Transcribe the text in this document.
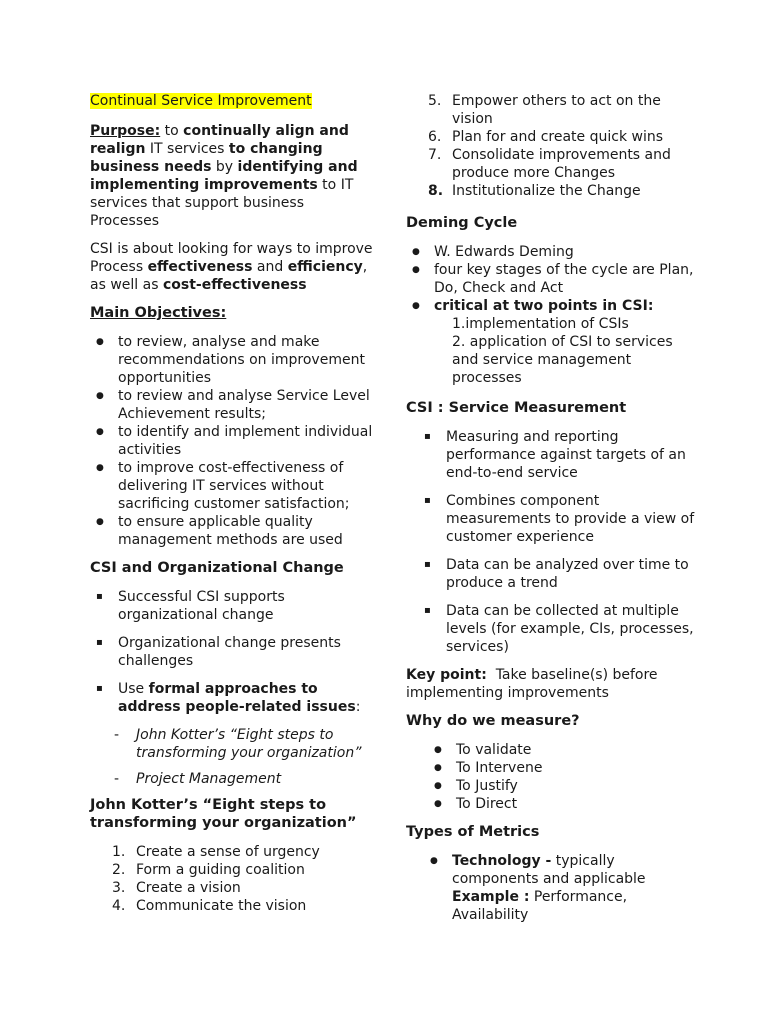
Continual Service Improvement

Purpose: to continually align and realign IT services to changing business needs by identifying and implementing improvements to IT services that support business Processes

CSI is about looking for ways to improve Process effectiveness and efficiency, as well as cost-effectiveness

Main Objectives:

● to review, analyse and make recommendations on improvement opportunities
● to review and analyse Service Level Achievement results;
● to identify and implement individual activities
● to improve cost-effectiveness of delivering IT services without sacrificing customer satisfaction;
● to ensure applicable quality management methods are used

CSI and Organizational Change

▪ Successful CSI supports organizational change
▪ Organizational change presents challenges
▪ Use formal approaches to address people-related issues:
- John Kotter’s “Eight steps to transforming your organization”
- Project Management

John Kotter’s “Eight steps to transforming your organization”

1. Create a sense of urgency
2. Form a guiding coalition
3. Create a vision
4. Communicate the vision
5. Empower others to act on the vision
6. Plan for and create quick wins
7. Consolidate improvements and produce more Changes
8. Institutionalize the Change

Deming Cycle

● W. Edwards Deming
● four key stages of the cycle are Plan, Do, Check and Act
● critical at two points in CSI:

1.implementation of CSIs

2. application of CSI to services and service management processes

CSI : Service Measurement

▪ Measuring and reporting performance against targets of an end-to-end service
▪ Combines component measurements to provide a view of customer experience
▪ Data can be analyzed over time to produce a trend
▪ Data can be collected at multiple levels (for example, CIs, processes, services)

Key point:  Take baseline(s) before implementing improvements

Why do we measure?

● To validate
● To Intervene
● To Justify
● To Direct

Types of Metrics

● Technology - typically components and applicable
Example : Performance, Availability
